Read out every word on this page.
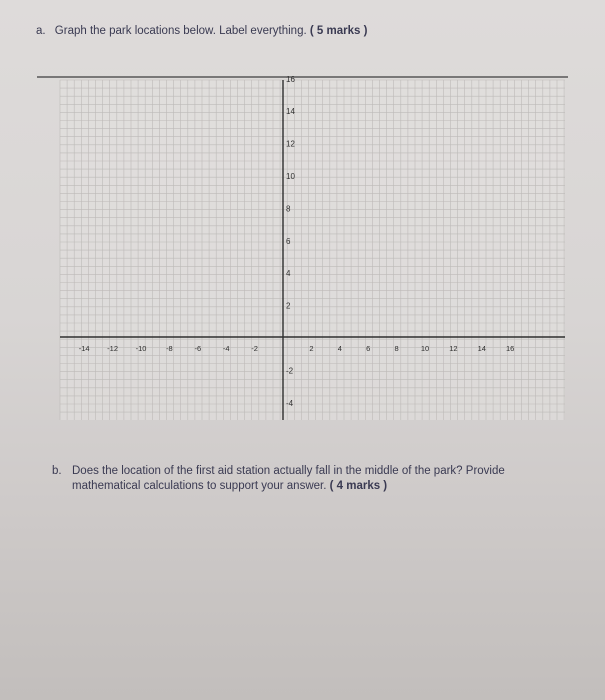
a. Graph the park locations below. Label everything. ( 5 marks )
16
14
12
10
8
6
4
2
-2
-4
-14 -12 -10	-8	-6	-4	-2	2	4	6	8	10	12	14	16
b. Does the location of the first aid station actually fall in the middle of the park? Provide mathematical calculations to support your answer. ( 4 marks )
